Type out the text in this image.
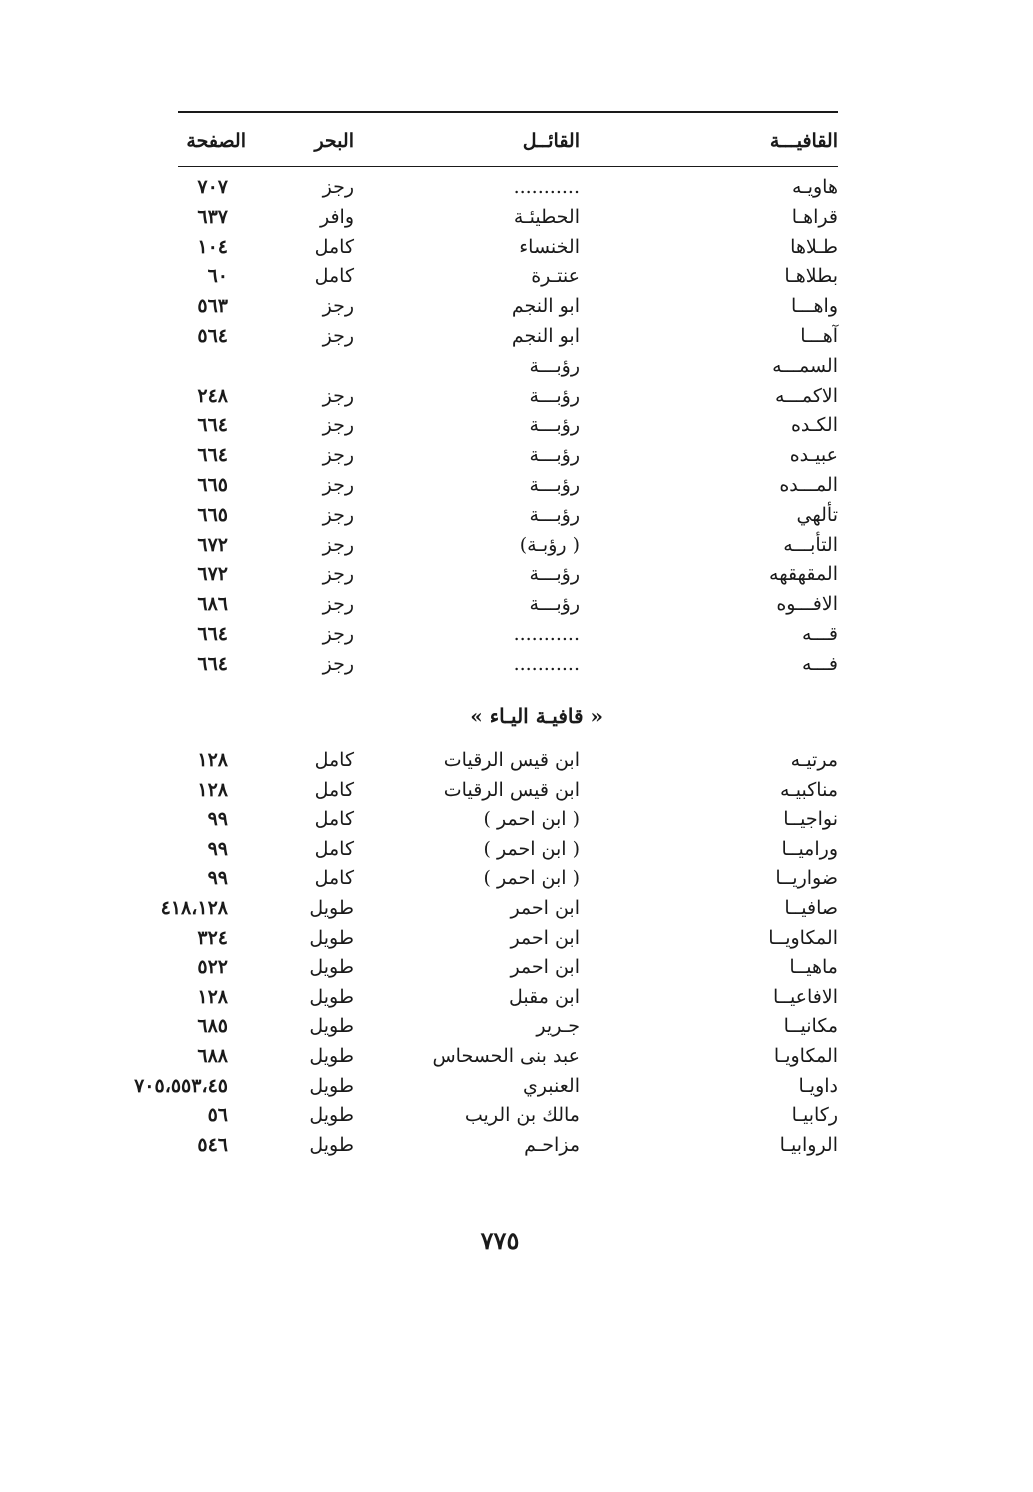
القافيـــة
القائــل
البحر
الصفحة
هاويـه
...........
رجز
٧٠٧
قراهـا
الحطيئـة
وافر
٦٣٧
طـلاها
الخنساء
كامل
١٠٤
بطلاهـا
عنتـرة
كامل
٦٠
واهـــا
ابو النجم
رجز
٥٦٣
آهـــا
ابو النجم
رجز
٥٦٤
السمـــه
رؤبـــة
الاكمـــه
رؤبـــة
رجز
٢٤٨
الكـده
رؤبـــة
رجز
٦٦٤
عبيـده
رؤبـــة
رجز
٦٦٤
المـــده
رؤبـــة
رجز
٦٦٥
تألهي
رؤبـــة
رجز
٦٦٥
التأبـــه
( رؤبـة)
رجز
٦٧٢
المقهقهه
رؤبـــة
رجز
٦٧٢
الافـــوه
رؤبـــة
رجز
٦٨٦
قـــه
...........
رجز
٦٦٤
فـــه
...........
رجز
٦٦٤
« قافيـة اليـاء »
مرتيـه
ابن قيس الرقيات
كامل
١٢٨
مناكبيـه
ابن قيس الرقيات
كامل
١٢٨
نواجيــا
( ابن احمر )
كامل
٩٩
وراميــا
( ابن احمر )
كامل
٩٩
ضواريــا
( ابن احمر )
كامل
٩٩
صافيــا
ابن احمر
طويل
٤١٨،١٢٨
المكاويــا
ابن احمر
طويل
٣٢٤
ماهيــا
ابن احمر
طويل
٥٢٢
الافاعيــا
ابن مقبل
طويل
١٢٨
مكانيــا
جـرير
طويل
٦٨٥
المكاويـا
عبد بنى الحسحاس
طويل
٦٨٨
داويـا
العنبري
طويل
٧٠٥،٥٥٣،٤٥
ركابيـا
مالك بن الريب
طويل
٥٦
الروابيـا
مزاحـم
طويل
٥٤٦
٧٧٥
